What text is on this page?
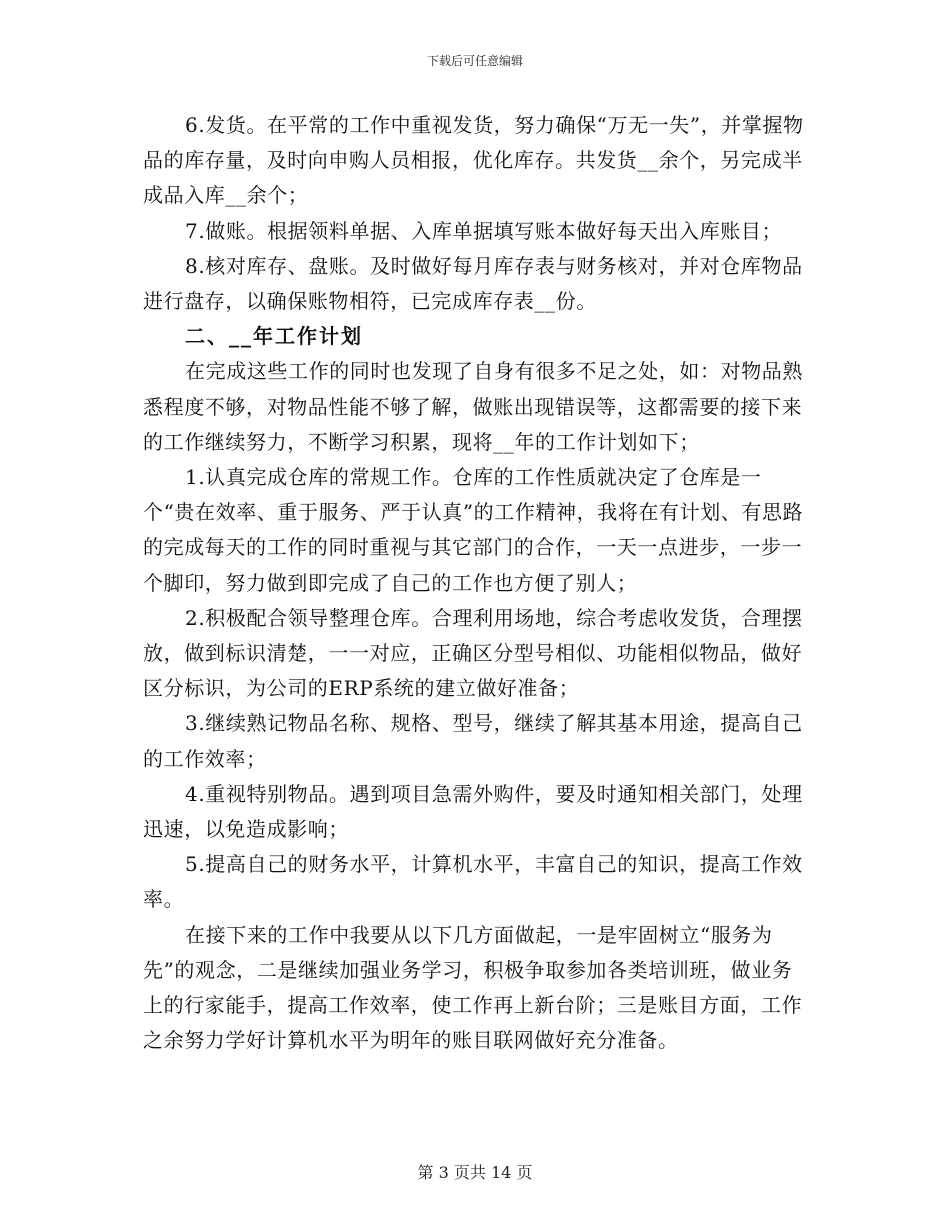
下载后可任意编辑

6.发货。在平常的工作中重视发货，努力确保“万无一失”，并掌握物品的库存量，及时向申购人员相报，优化库存。共发货__余个，另完成半成品入库__余个；

7.做账。根据领料单据、入库单据填写账本做好每天出入库账目；

8.核对库存、盘账。及时做好每月库存表与财务核对，并对仓库物品进行盘存，以确保账物相符，已完成库存表__份。

二、__年工作计划

在完成这些工作的同时也发现了自身有很多不足之处，如：对物品熟悉程度不够，对物品性能不够了解，做账出现错误等，这都需要的接下来的工作继续努力，不断学习积累，现将__年的工作计划如下；

1.认真完成仓库的常规工作。仓库的工作性质就决定了仓库是一个“贵在效率、重于服务、严于认真”的工作精神，我将在有计划、有思路的完成每天的工作的同时重视与其它部门的合作，一天一点进步，一步一个脚印，努力做到即完成了自己的工作也方便了别人；

2.积极配合领导整理仓库。合理利用场地，综合考虑收发货，合理摆放，做到标识清楚，一一对应，正确区分型号相似、功能相似物品，做好区分标识，为公司的ERP系统的建立做好准备；

3.继续熟记物品名称、规格、型号，继续了解其基本用途，提高自己的工作效率；

4.重视特别物品。遇到项目急需外购件，要及时通知相关部门，处理迅速，以免造成影响；

5.提高自己的财务水平，计算机水平，丰富自己的知识，提高工作效率。

在接下来的工作中我要从以下几方面做起，一是牢固树立“服务为先”的观念，二是继续加强业务学习，积极争取参加各类培训班，做业务上的行家能手，提高工作效率，使工作再上新台阶；三是账目方面，工作之余努力学好计算机水平为明年的账目联网做好充分准备。

第 3 页共 14 页
